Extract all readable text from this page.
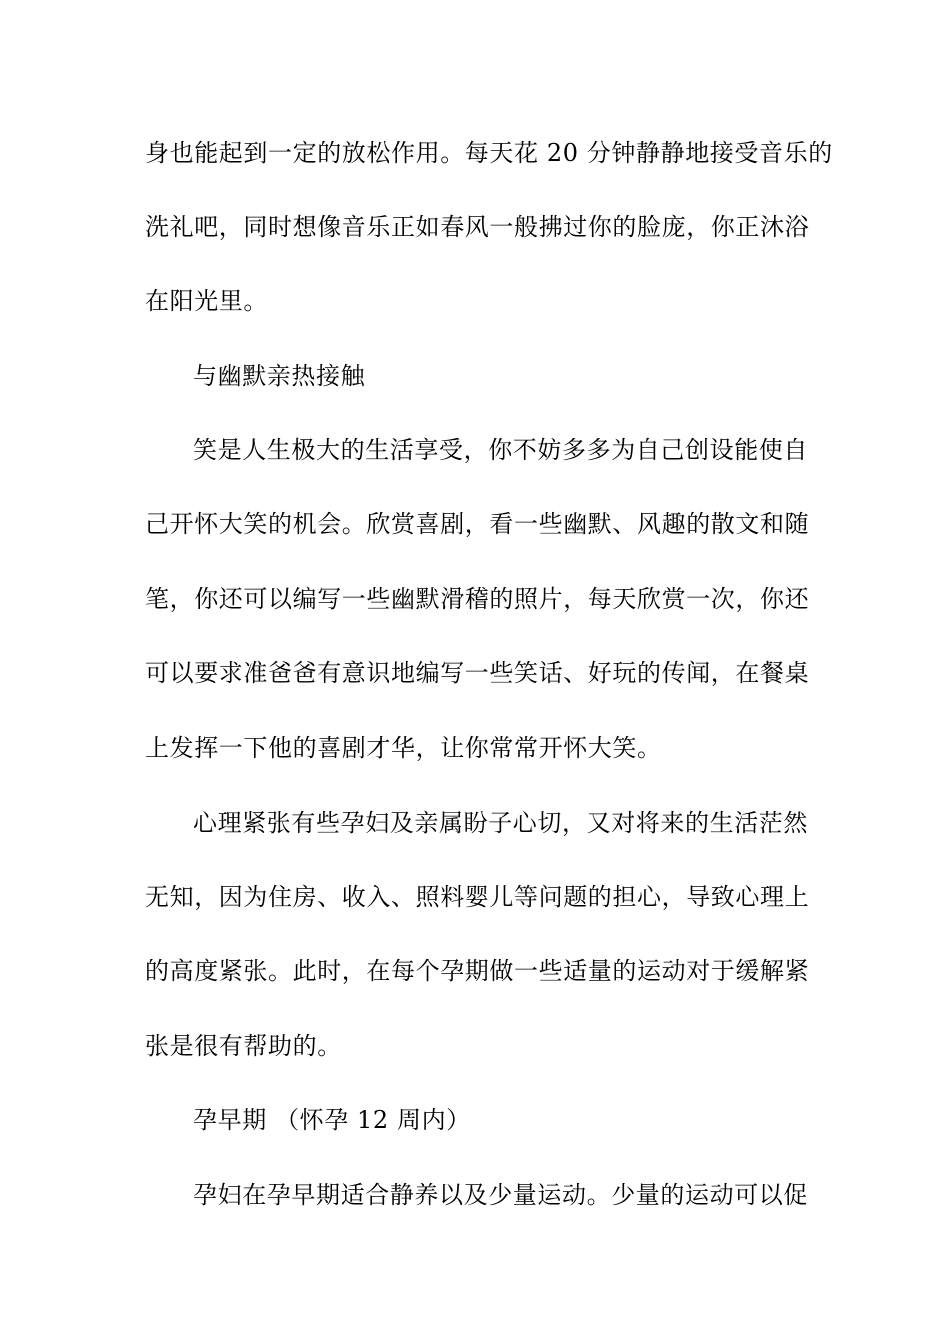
身也能起到一定的放松作用。每天花 20 分钟静静地接受音乐的

洗礼吧，同时想像音乐正如春风一般拂过你的脸庞，你正沐浴

在阳光里。

与幽默亲热接触

笑是人生极大的生活享受，你不妨多多为自己创设能使自

己开怀大笑的机会。欣赏喜剧，看一些幽默、风趣的散文和随

笔，你还可以编写一些幽默滑稽的照片，每天欣赏一次，你还

可以要求准爸爸有意识地编写一些笑话、好玩的传闻，在餐桌

上发挥一下他的喜剧才华，让你常常开怀大笑。

心理紧张有些孕妇及亲属盼子心切，又对将来的生活茫然

无知，因为住房、收入、照料婴儿等问题的担心，导致心理上

的高度紧张。此时，在每个孕期做一些适量的运动对于缓解紧

张是很有帮助的。

孕早期 （怀孕 12 周内）

孕妇在孕早期适合静养以及少量运动。少量的运动可以促
